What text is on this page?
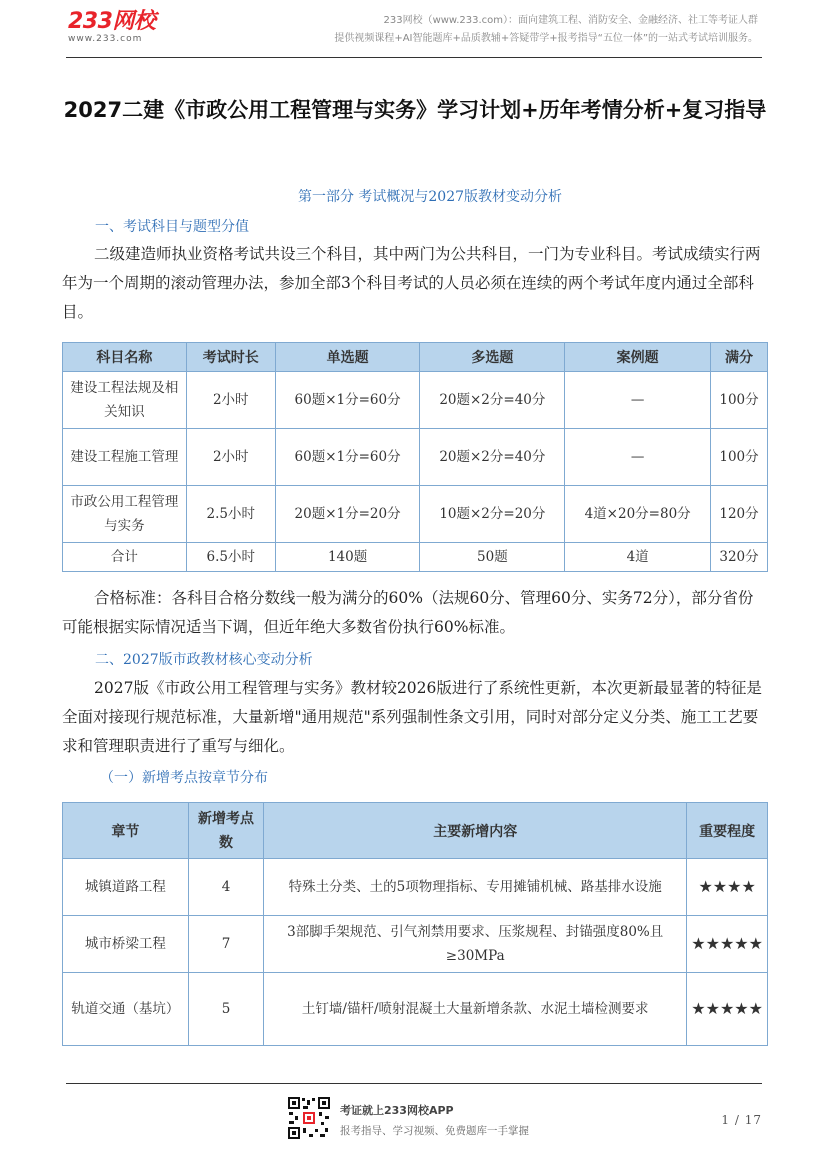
233网校
www.233.com
233网校（www.233.com）：面向建筑工程、消防安全、金融经济、社工等考证人群
提供视频课程+AI智能题库+品质教辅+答疑带学+报考指导“五位一体”的一站式考试培训服务。
2027二建《市政公用工程管理与实务》学习计划+历年考情分析+复习指导
第一部分 考试概况与2027版教材变动分析
一、考试科目与题型分值
二级建造师执业资格考试共设三个科目，其中两门为公共科目，一门为专业科目。考试成绩实行两年为一个周期的滚动管理办法，参加全部3个科目考试的人员必须在连续的两个考试年度内通过全部科目。
科目名称	考试时长	单选题	多选题	案例题	满分
建设工程法规及相关知识	2小时	60题×1分=60分	20题×2分=40分	—	100分
建设工程施工管理	2小时	60题×1分=60分	20题×2分=40分	—	100分
市政公用工程管理与实务	2.5小时	20题×1分=20分	10题×2分=20分	4道×20分=80分	120分
合计	6.5小时	140题	50题	4道	320分
合格标准：各科目合格分数线一般为满分的60%（法规60分、管理60分、实务72分），部分省份可能根据实际情况适当下调，但近年绝大多数省份执行60%标准。
二、2027版市政教材核心变动分析
2027版《市政公用工程管理与实务》教材较2026版进行了系统性更新，本次更新最显著的特征是全面对接现行规范标准，大量新增"通用规范"系列强制性条文引用，同时对部分定义分类、施工工艺要求和管理职责进行了重写与细化。
（一）新增考点按章节分布
章节	新增考点数	主要新增内容	重要程度
城镇道路工程	4	特殊土分类、土的5项物理指标、专用摊铺机械、路基排水设施	★★★★
城市桥梁工程	7	3部脚手架规范、引气剂禁用要求、压浆规程、封锚强度80%且≥30MPa	★★★★★
轨道交通（基坑）	5	土钉墙/锚杆/喷射混凝土大量新增条款、水泥土墙检测要求	★★★★★
考证就上233网校APP
报考指导、学习视频、免费题库一手掌握
1 / 17
